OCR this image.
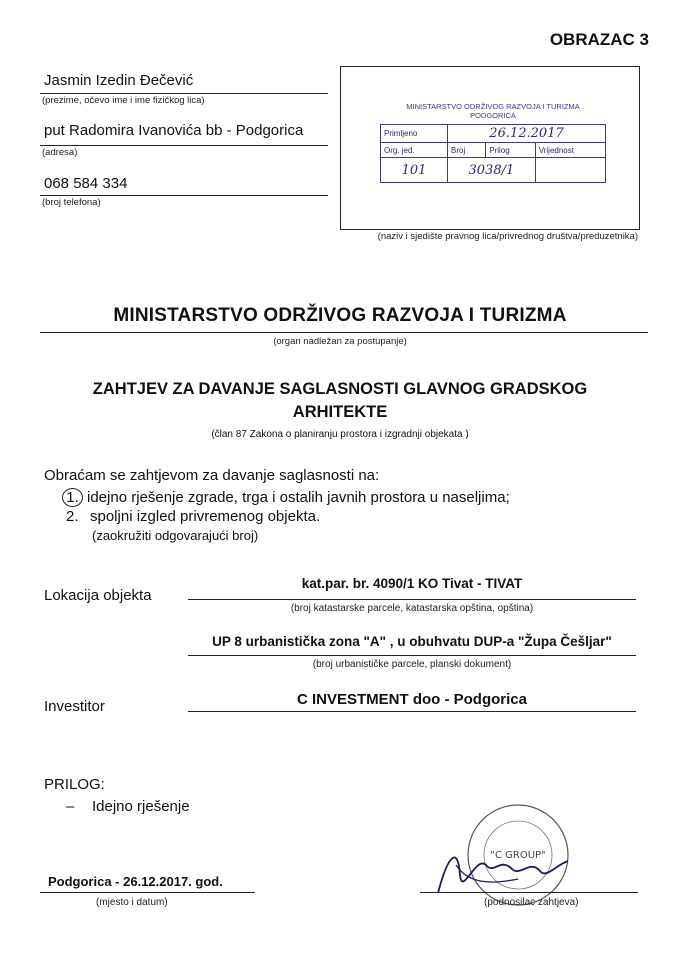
OBRAZAC 3
Jasmin Izedin Đečević
(prezime, očevo ime i ime fizičkog lica)
put Radomira Ivanovića bb - Podgorica
(adresa)
068 584 334
(broj telefona)
MINISTARSTVO ODRŽIVOG RAZVOJA I TURIZMA
PODGORICA
Primljeno	26.12.2017		
Org. jed.	Broj	Prilog	Vrijednost
101	3038/1		
(naziv i sjedište pravnog lica/privrednog društva/preduzetnika)
MINISTARSTVO ODRŽIVOG RAZVOJA I TURIZMA
(organ nadležan za postupanje)
ZAHTJEV ZA DAVANJE SAGLASNOSTI GLAVNOG GRADSKOG
ARHITEKTE
(član 87 Zakona o planiranju prostora i izgradnji objekata )
Obraćam se zahtjevom za davanje saglasnosti na:
1. idejno rješenje zgrade, trga i ostalih javnih prostora u naseljima;
2. spoljni izgled privremenog objekta.
(zaokružiti odgovarajući broj)
Lokacija objekta
kat.par. br. 4090/1 KO Tivat - TIVAT
(broj katastarske parcele, katastarska opština, opština)
UP 8 urbanistička zona "A" , u obuhvatu DUP-a "Župa Češljar"
(broj urbanističke parcele, planski dokument)
Investitor	C INVESTMENT doo - Podgorica
PRILOG:
– Idejno rješenje
"C GROUP"
Podgorica - 26.12.2017. god.
(mjesto i datum)	(podnosilac zahtjeva)
